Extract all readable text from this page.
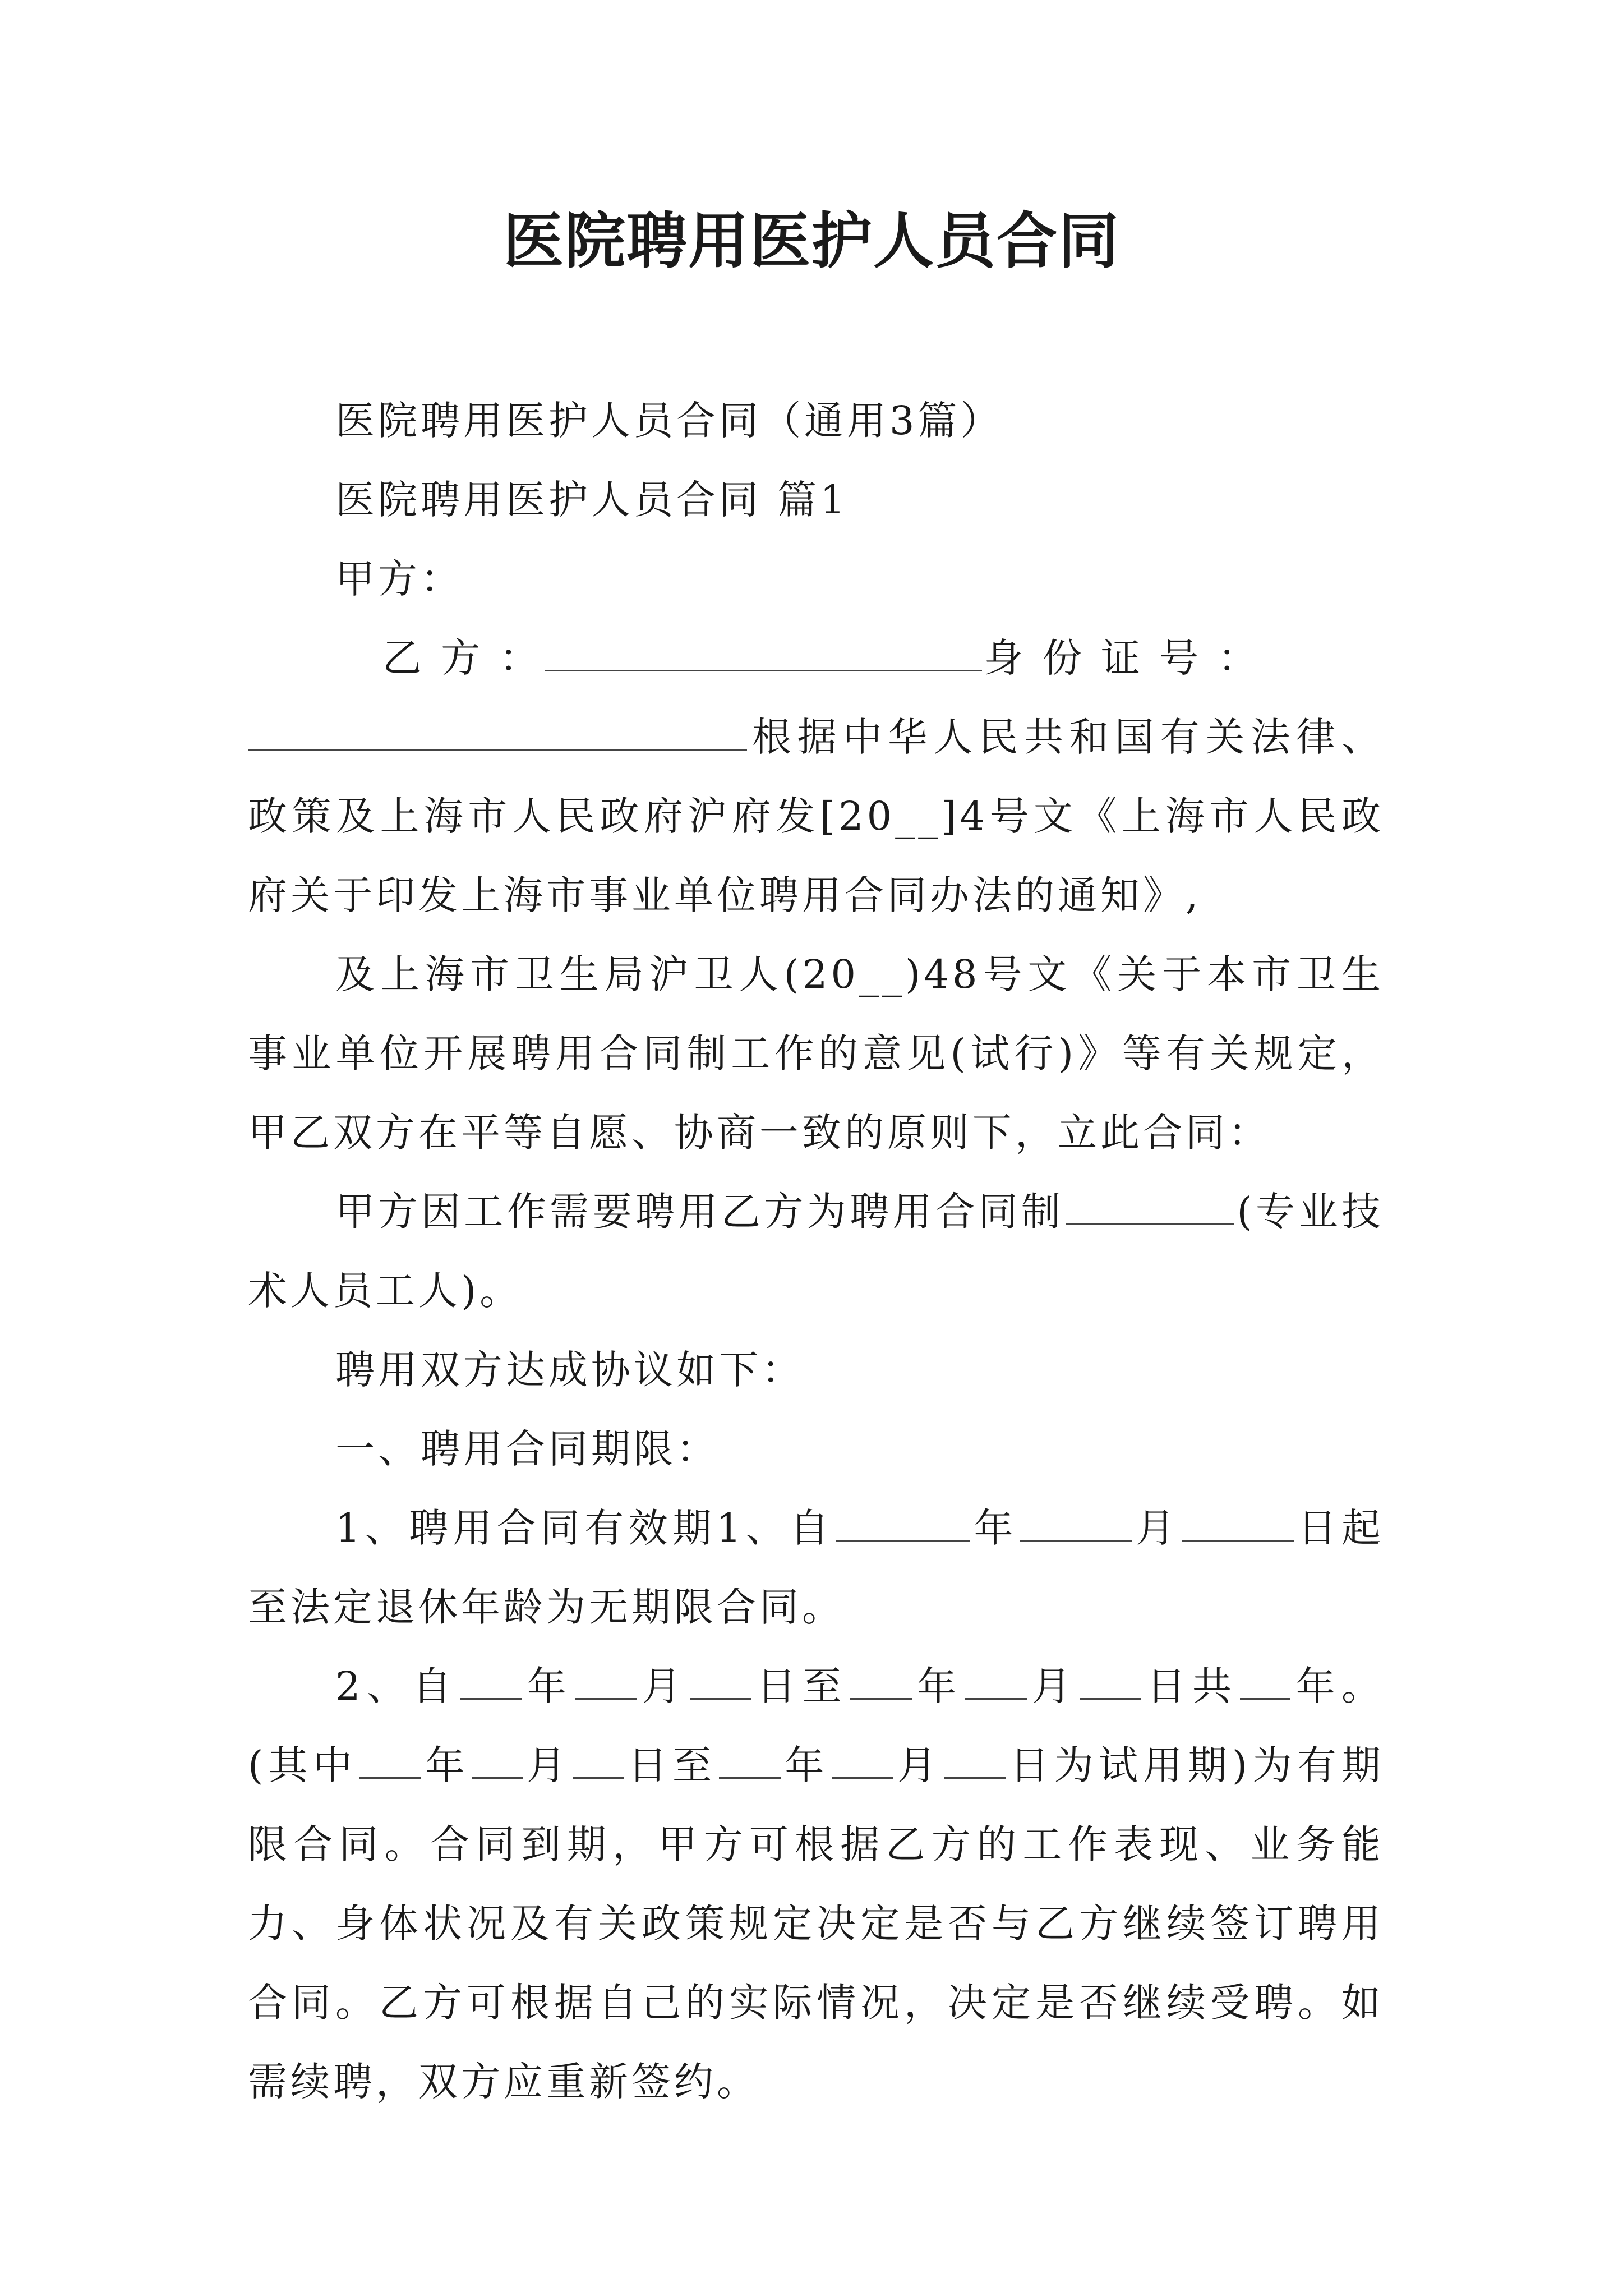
医院聘用医护人员合同

医院聘用医护人员合同（通用3篇）

医院聘用医护人员合同 篇1

甲方：

乙 方 ：	身 份 证 号 ：

根据中华人民共和国有关法律、政策及上海市人民政府沪府发[20__]4号文《上海市人民政府关于印发上海市事业单位聘用合同办法的通知》,

及上海市卫生局沪卫人(20__)48号文《关于本市卫生事业单位开展聘用合同制工作的意见(试行)》等有关规定，甲乙双方在平等自愿、协商一致的原则下，立此合同：

甲方因工作需要聘用乙方为聘用合同制	(专业技术人员工人)。

聘用双方达成协议如下：

一、聘用合同期限：

1、聘用合同有效期1、自	年	月	日起至法定退休年龄为无期限合同。

2、自 年 月 日至 年 月 日共 年。(其中 年 月 日至 年 月 日为试用期)为有期限合同。合同到期，甲方可根据乙方的工作表现、业务能力、身体状况及有关政策规定决定是否与乙方继续签订聘用合同。乙方可根据自己的实际情况，决定是否继续受聘。如需续聘，双方应重新签约。
